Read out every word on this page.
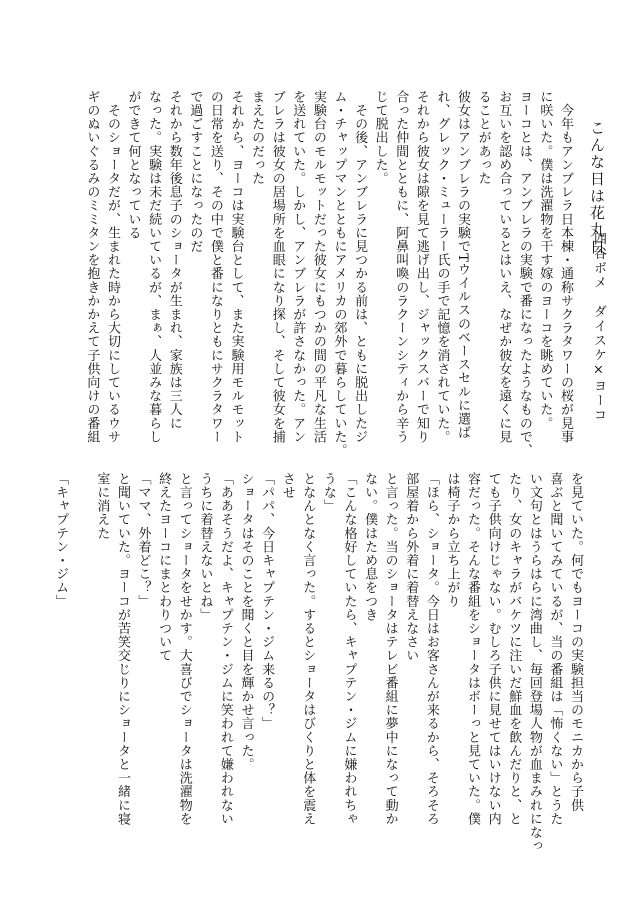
こんな日は花丸日
四谷ボメ　ダイスケ×ヨーコ
　今年もアンブレラ日本棟・通称サクラタワーの桜が見事
に咲いた。僕は洗濯物を干す嫁のヨーコを眺めていた。
ヨーコとは、アンブレラの実験で番になったようなもので、
お互いを認め合っているとはいえ、なぜか彼女を遠くに見
ることがあった
彼女はアンブレラの実験でTウイルスのベースセルに選ば
れ、グレック・ミューラー氏の手で記憶を消されていた。
それから彼女は隙を見て逃げ出し、ジャックスバーで知り
合った仲間とともに、阿鼻叫喚のラクーンシティから辛う
じて脱出した。
　その後、アンブレラに見つかる前は、ともに脱出したジ
ム・チャップマンとともにアメリカの郊外で暮らしていた。
実験台のモルモットだった彼女にもつかの間の平凡な生活
を送れていた。しかし、アンブレラが許さなかった。アン
ブレラは彼女の居場所を血眼になり探し、そして彼女を捕
まえたのだった
それから、ヨーコは実験台として、また実験用モルモット
の日常を送り、その中で僕と番になりともにサクラタワー
で過ごすことになったのだ
それから数年後息子のショータが生まれ、家族は三人に
なった。実験は未だ続いているが、まぁ、人並みな暮らし
ができて何となっている
　そのショータだが、生まれた時から大切にしているウサ
ギのぬいぐるみのミミタンを抱きかかえて子供向けの番組
を見ていた。何でもヨーコの実験担当のモニカから子供
喜ぶと聞いてみているが、当の番組は「怖くない」とうた
い文句とはうらはらに湾曲し、毎回登場人物が血まみれになっ
たり、女のキャラがバケツに注いだ鮮血を飲んだりと、と
ても子供向けじゃない。むしろ子供に見せてはいけない内
容だった。そんな番組をショータはボーっと見ていた。僕
は椅子から立ち上がり
「ほら、ショータ。今日はお客さんが来るから、そろそろ
部屋着から外着に着替えなさい
と言った。当のショータはテレビ番組に夢中になって動か
ない。僕はため息をつき
「こんな格好していたら、キャプテン・ジムに嫌われちゃ
うな」
となんとなく言った。するとショータはびくりと体を震え
させ
「パパ、今日キャプテン・ジム来るの？」
ショータはそのことを聞くと目を輝かせ言った。
「ああそうだよ、キャプテン・ジムに笑われて嫌われない
うちに着替えないとね」
と言ってショータをせかす。大喜びでショータは洗濯物を
終えたヨーコにまとわりついて
「ママ、外着どこ？」
と聞いていた。ヨーコが苦笑交じりにショータと一緒に寝
室に消えた

「キャプテン・ジム」
